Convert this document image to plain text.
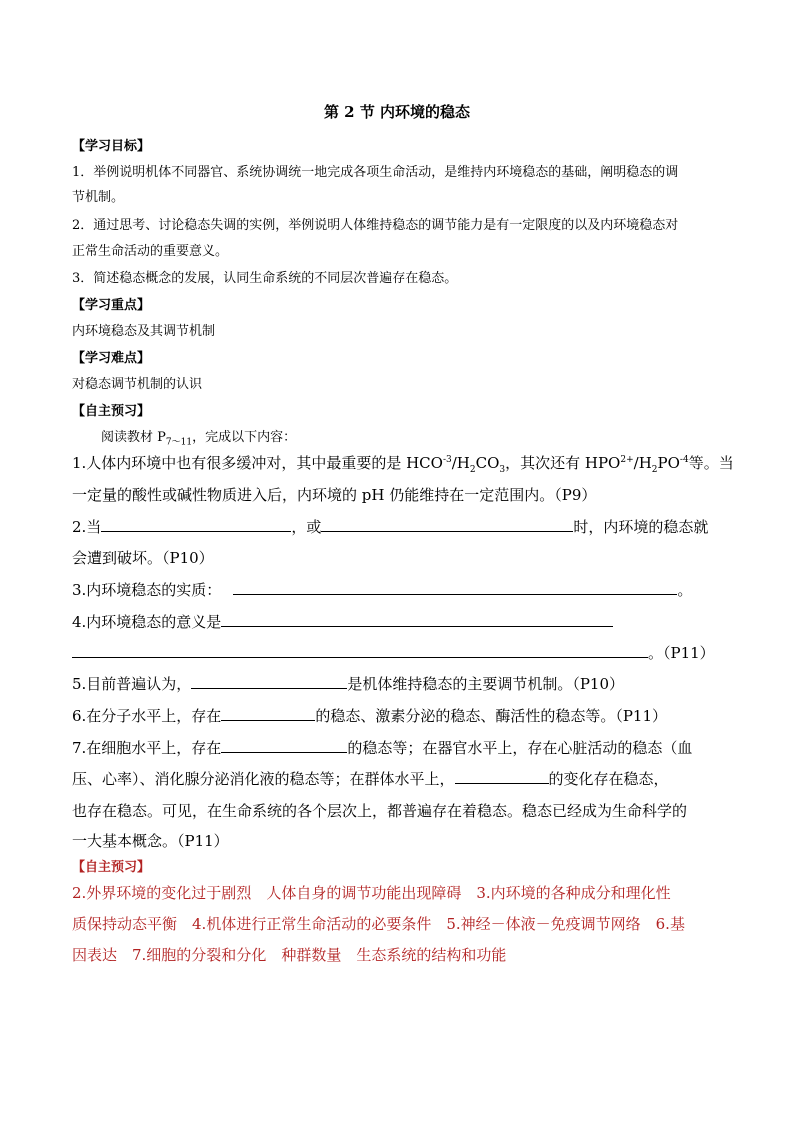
第 2 节 内环境的稳态
【学习目标】
1．举例说明机体不同器官、系统协调统一地完成各项生命活动，是维持内环境稳态的基础，阐明稳态的调
节机制。
2．通过思考、讨论稳态失调的实例，举例说明人体维持稳态的调节能力是有一定限度的以及内环境稳态对
正常生命活动的重要意义。
3．简述稳态概念的发展，认同生命系统的不同层次普遍存在稳态。
【学习重点】
内环境稳态及其调节机制
【学习难点】
对稳态调节机制的认识
【自主预习】
阅读教材 $P_{7\sim 11}$，完成以下内容：
1.人体内环境中也有很多缓冲对，其中最重要的是 $HCO^{-3}/H_2CO_3$，其次还有 $HPO^{2+}/H_2PO^{-4}$等。当
一定量的酸性或碱性物质进入后，内环境的 pH 仍能维持在一定范围内。（P9）
2.当	，或	时，内环境的稳态就
会遭到破坏。（P10）
3.内环境稳态的实质：	。
4.内环境稳态的意义是
。（P11）
5.目前普遍认为，	是机体维持稳态的主要调节机制。（P10）
6.在分子水平上，存在	的稳态、激素分泌的稳态、酶活性的稳态等。（P11）
7.在细胞水平上，存在	的稳态等；在器官水平上，存在心脏活动的稳态（血
压、心率）、消化腺分泌消化液的稳态等；在群体水平上，	的变化存在稳态，
也存在稳态。可见，在生命系统的各个层次上，都普遍存在着稳态。稳态已经成为生命科学的
一大基本概念。（P11）
【自主预习】
2.外界环境的变化过于剧烈　人体自身的调节功能出现障碍　3.内环境的各种成分和理化性
质保持动态平衡　4.机体进行正常生命活动的必要条件　5.神经－体液－免疫调节网络　6.基
因表达　7.细胞的分裂和分化　种群数量　生态系统的结构和功能
